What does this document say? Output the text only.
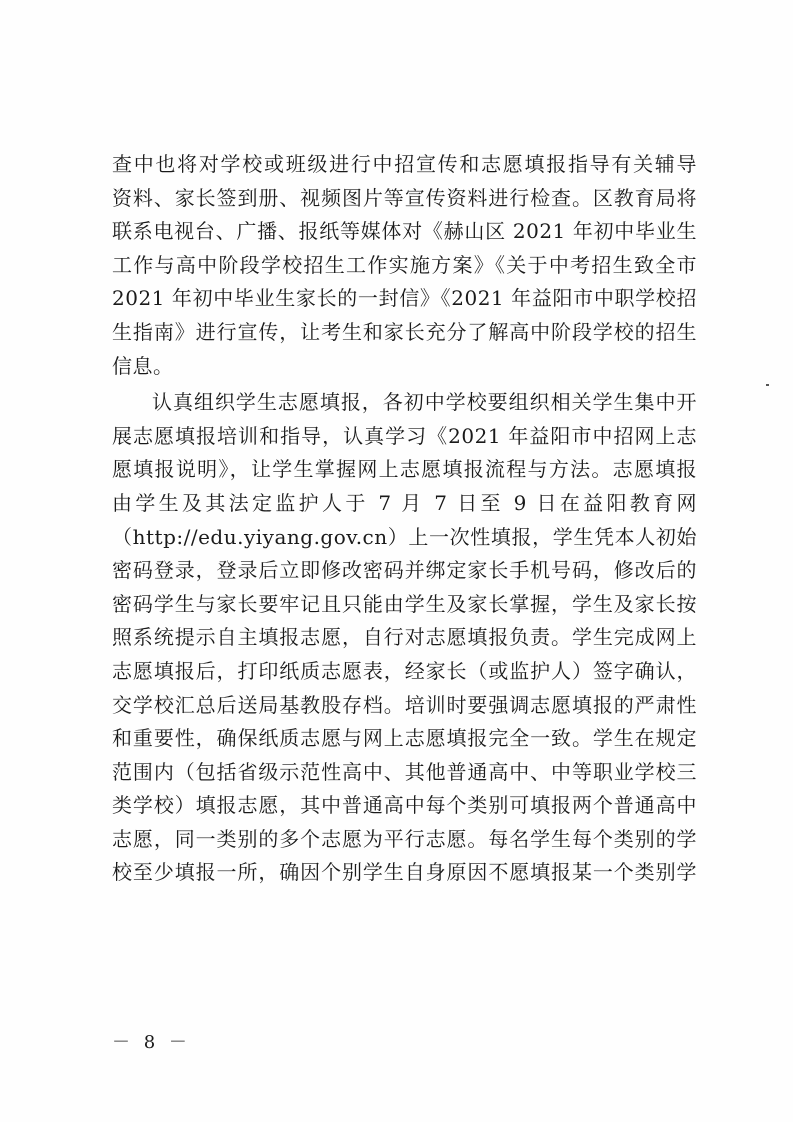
查中也将对学校或班级进行中招宣传和志愿填报指导有关辅导
资料、家长签到册、视频图片等宣传资料进行检查。区教育局将
联系电视台、广播、报纸等媒体对《赫山区 2021 年初中毕业生
工作与高中阶段学校招生工作实施方案》《关于中考招生致全市
2021 年初中毕业生家长的一封信》《2021 年益阳市中职学校招
生指南》进行宣传，让考生和家长充分了解高中阶段学校的招生
信息。
认真组织学生志愿填报，各初中学校要组织相关学生集中开
展志愿填报培训和指导，认真学习《2021 年益阳市中招网上志
愿填报说明》，让学生掌握网上志愿填报流程与方法。志愿填报
由学生及其法定监护人于 7 月 7 日至 9 日在益阳教育网
（http://edu.yiyang.gov.cn）上一次性填报，学生凭本人初始
密码登录，登录后立即修改密码并绑定家长手机号码，修改后的
密码学生与家长要牢记且只能由学生及家长掌握，学生及家长按
照系统提示自主填报志愿，自行对志愿填报负责。学生完成网上
志愿填报后，打印纸质志愿表，经家长（或监护人）签字确认，
交学校汇总后送局基教股存档。培训时要强调志愿填报的严肃性
和重要性，确保纸质志愿与网上志愿填报完全一致。学生在规定
范围内（包括省级示范性高中、其他普通高中、中等职业学校三
类学校）填报志愿，其中普通高中每个类别可填报两个普通高中
志愿，同一类别的多个志愿为平行志愿。每名学生每个类别的学
校至少填报一所，确因个别学生自身原因不愿填报某一个类别学
－ 8 －
